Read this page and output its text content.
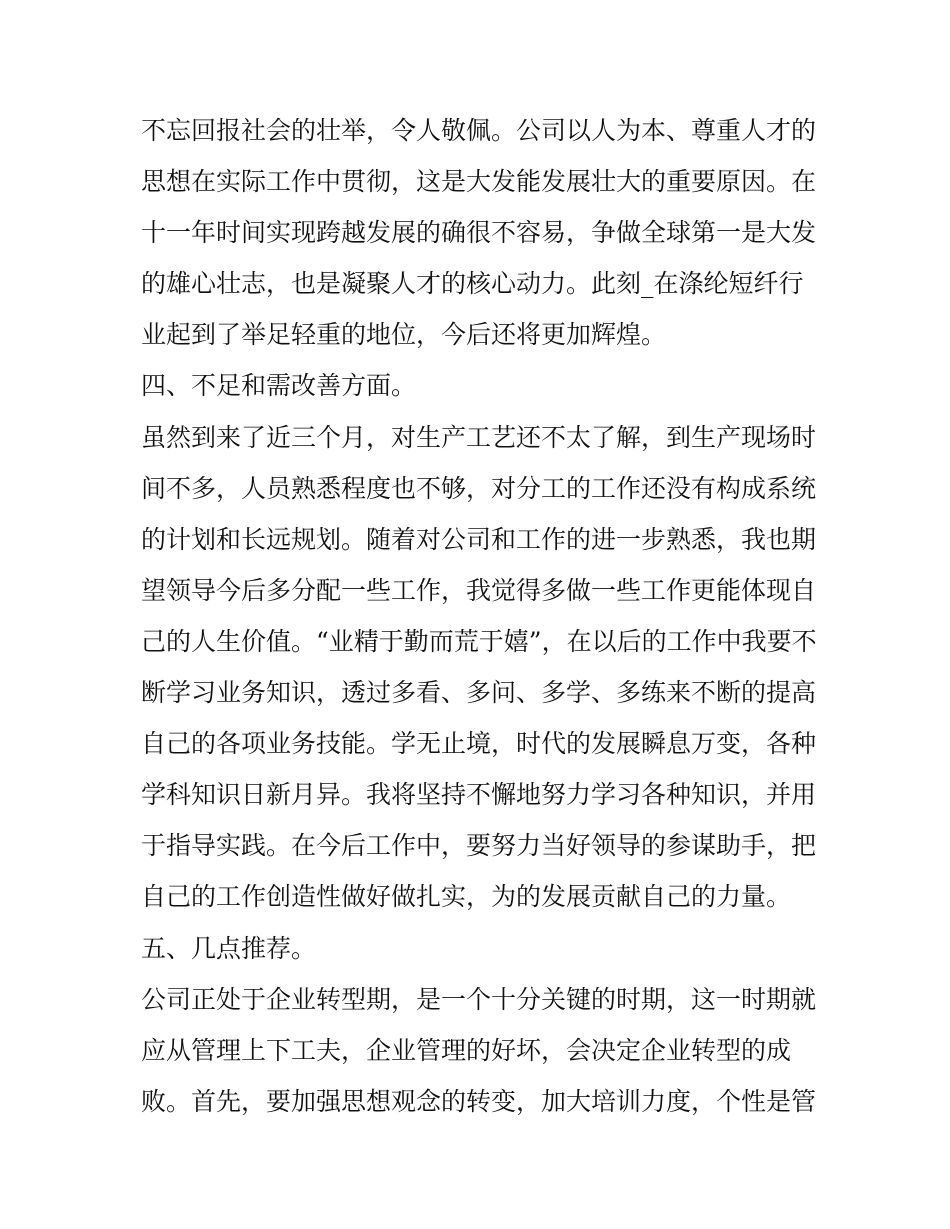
不忘回报社会的壮举，令人敬佩。公司以人为本、尊重人才的
思想在实际工作中贯彻，这是大发能发展壮大的重要原因。在
十一年时间实现跨越发展的确很不容易，争做全球第一是大发
的雄心壮志，也是凝聚人才的核心动力。此刻_在涤纶短纤行
业起到了举足轻重的地位，今后还将更加辉煌。
四、不足和需改善方面。
虽然到来了近三个月，对生产工艺还不太了解，到生产现场时
间不多，人员熟悉程度也不够，对分工的工作还没有构成系统
的计划和长远规划。随着对公司和工作的进一步熟悉，我也期
望领导今后多分配一些工作，我觉得多做一些工作更能体现自
己的人生价值。“业精于勤而荒于嬉”，在以后的工作中我要不
断学习业务知识，透过多看、多问、多学、多练来不断的提高
自己的各项业务技能。学无止境，时代的发展瞬息万变，各种
学科知识日新月异。我将坚持不懈地努力学习各种知识，并用
于指导实践。在今后工作中，要努力当好领导的参谋助手，把
自己的工作创造性做好做扎实，为的发展贡献自己的力量。
五、几点推荐。
公司正处于企业转型期，是一个十分关键的时期，这一时期就
应从管理上下工夫，企业管理的好坏，会决定企业转型的成
败。首先，要加强思想观念的转变，加大培训力度，个性是管
